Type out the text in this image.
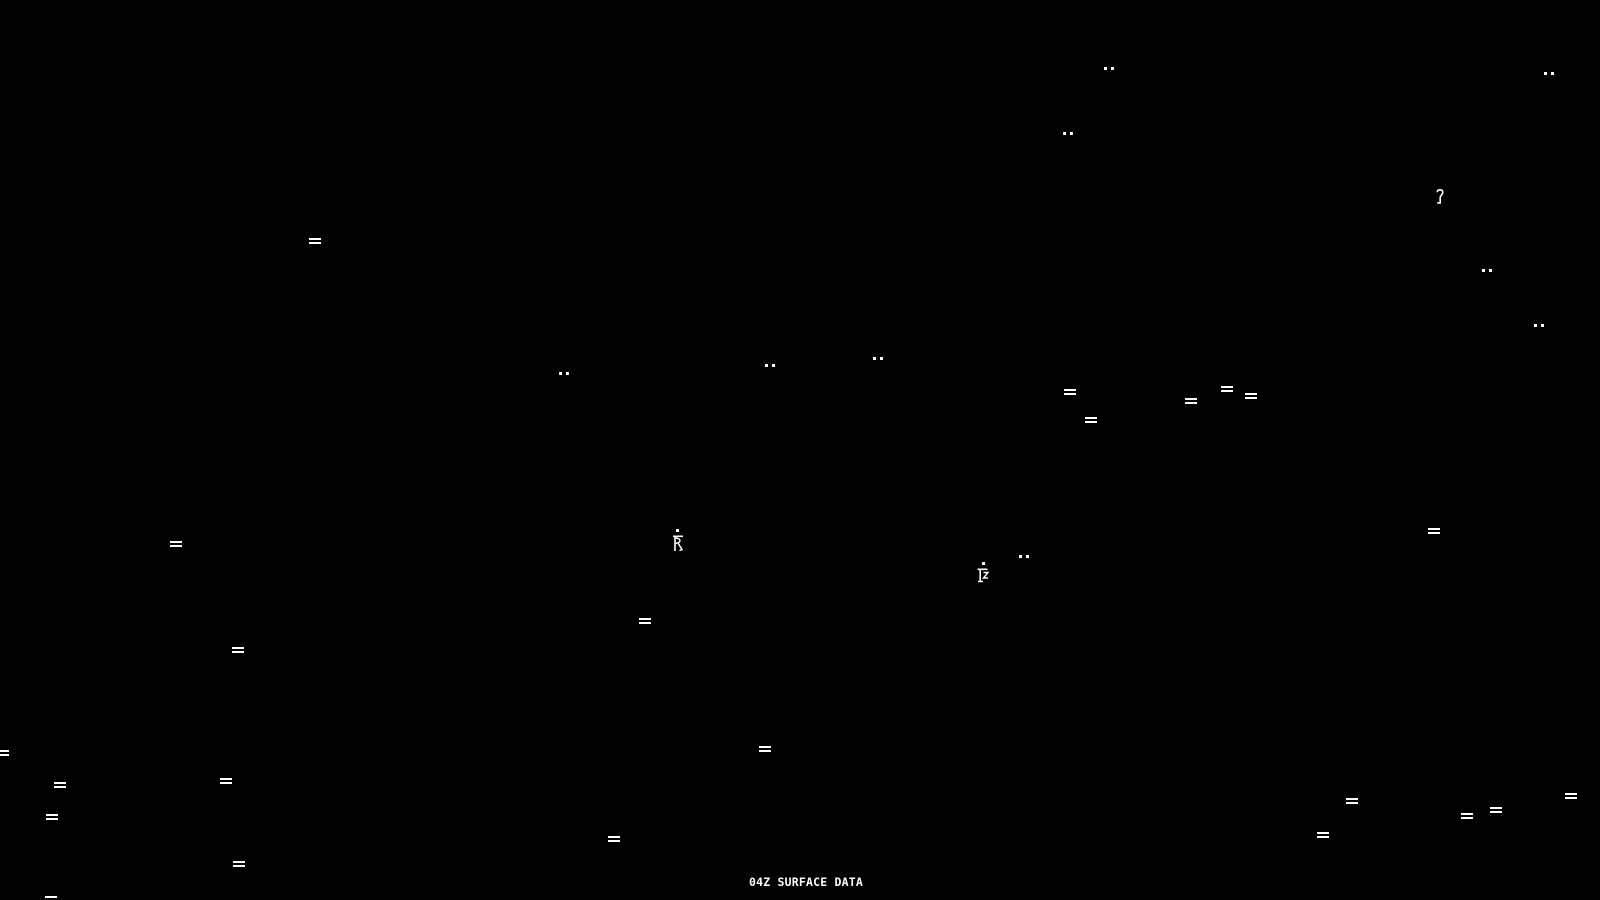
04Z SURFACE DATA
